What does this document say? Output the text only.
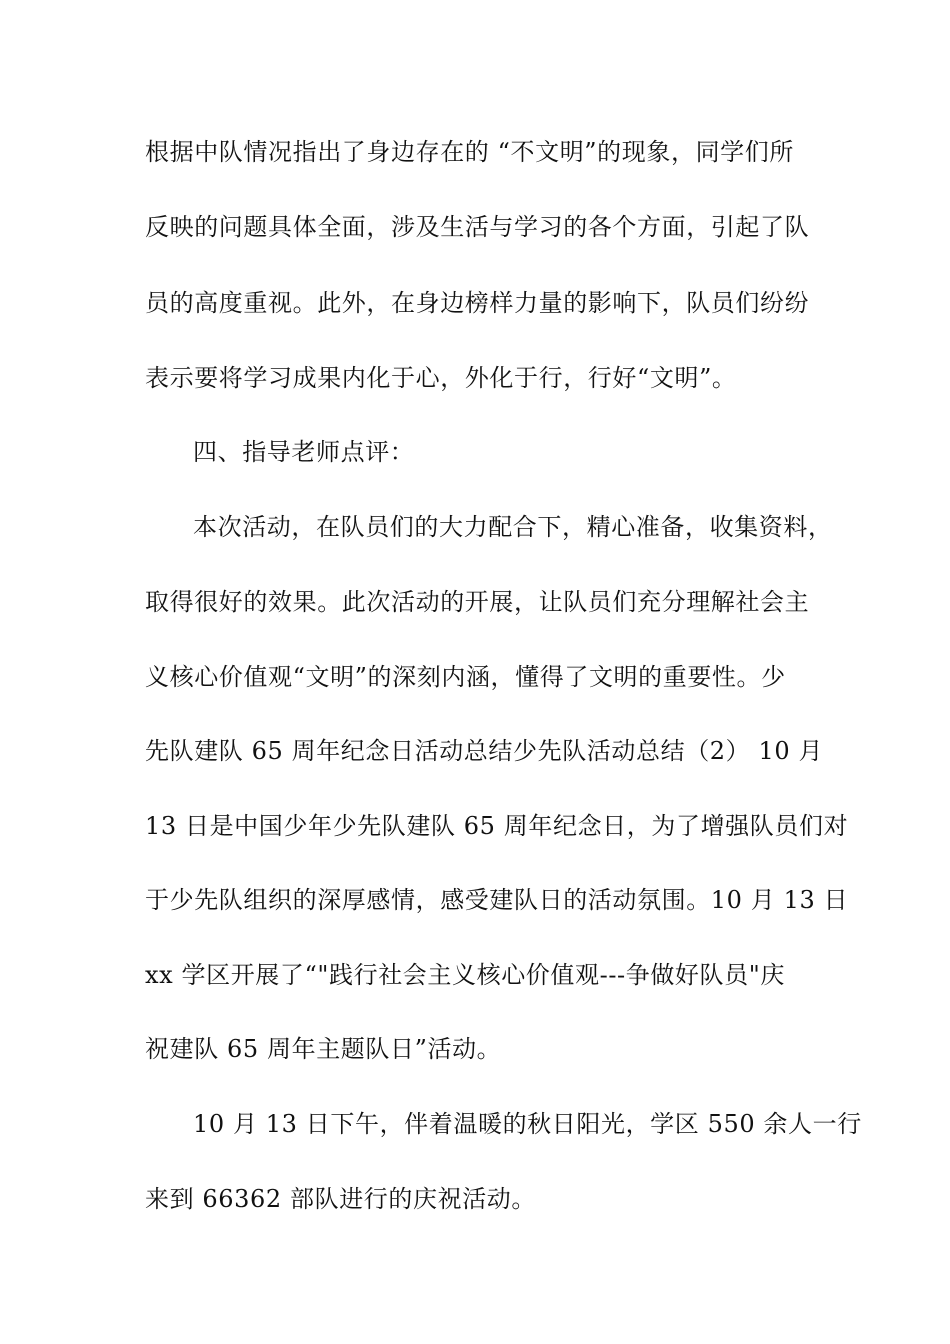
根据中队情况指出了身边存在的 “不文明”的现象，同学们所
反映的问题具体全面，涉及生活与学习的各个方面，引起了队
员的高度重视。此外，在身边榜样力量的影响下，队员们纷纷
表示要将学习成果内化于心，外化于行，行好“文明”。
四、指导老师点评：
本次活动，在队员们的大力配合下，精心准备，收集资料，
取得很好的效果。此次活动的开展，让队员们充分理解社会主
义核心价值观“文明”的深刻内涵，懂得了文明的重要性。少
先队建队 65 周年纪念日活动总结少先队活动总结（2） 10 月
13 日是中国少年少先队建队 65 周年纪念日，为了增强队员们对
于少先队组织的深厚感情，感受建队日的活动氛围。10 月 13 日
xx 学区开展了“"践行社会主义核心价值观---争做好队员"庆
祝建队 65 周年主题队日”活动。
10 月 13 日下午，伴着温暖的秋日阳光，学区 550 余人一行
来到 66362 部队进行的庆祝活动。
